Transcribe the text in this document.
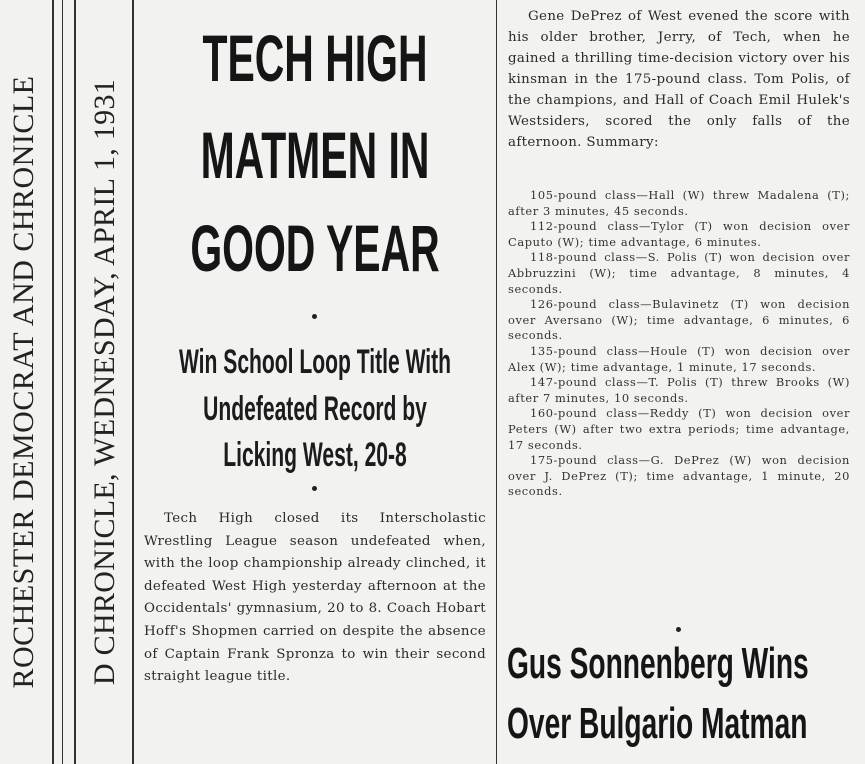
ROCHESTER DEMOCRAT AND CHRONICLE D CHRONICLE, WEDNESDAY, APRIL 1, 1931
TECH HIGH
MATMEN IN
GOOD YEAR
Win School Loop Title With
Undefeated Record by
Licking West, 20-8

Tech High closed its Interscholastic Wrestling League season undefeated when, with the loop championship already clinched, it defeated West High yesterday afternoon at the Occidentals' gymnasium, 20 to 8. Coach Hobart Hoff's Shopmen carried on despite the absence of Captain Frank Spronza to win their second straight league title.

Gene DePrez of West evened the score with his older brother, Jerry, of Tech, when he gained a thrilling time-decision victory over his kinsman in the 175-pound class. Tom Polis, of the champions, and Hall of Coach Emil Hulek's Westsiders, scored the only falls of the afternoon. Summary:

105-pound class—Hall (W) threw Madalena (T); after 3 minutes, 45 seconds.

112-pound class—Tylor (T) won decision over Caputo (W); time advantage, 6 minutes.

118-pound class—S. Polis (T) won decision over Abbruzzini (W); time advantage, 8 minutes, 4 seconds.

126-pound class—Bulavinetz (T) won decision over Aversano (W); time advantage, 6 minutes, 6 seconds.

135-pound class—Houle (T) won decision over Alex (W); time advantage, 1 minute, 17 seconds.

147-pound class—T. Polis (T) threw Brooks (W) after 7 minutes, 10 seconds.

160-pound class—Reddy (T) won decision over Peters (W) after two extra periods; time advantage, 17 seconds.

175-pound class—G. DePrez (W) won decision over J. DePrez (T); time advantage, 1 minute, 20 seconds.

Gus Sonnenberg Wins
Over Bulgario Matman
